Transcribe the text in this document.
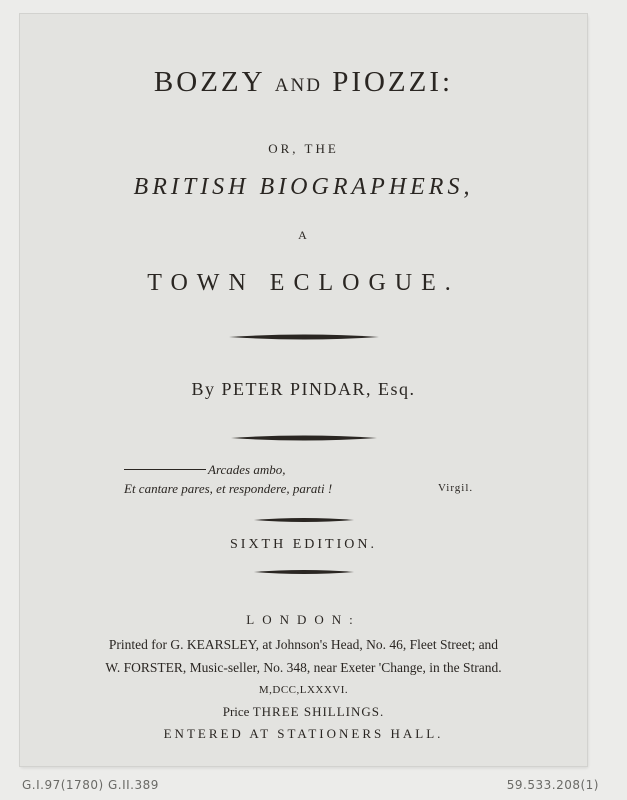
BOZZY AND PIOZZI:
OR, THE
BRITISH BIOGRAPHERS,
A
TOWN ECLOGUE.
By PETER PINDAR, Esq.
Arcades ambo,
Et cantare pares, et respondere, parati !	Virgil.
SIXTH EDITION.
LONDON:
Printed for G. KEARSLEY, at Johnson's Head, No. 46, Fleet Street; and
W. FORSTER, Music-seller, No. 348, near Exeter 'Change, in the Strand.
M,DCC,LXXXVI.
Price THREE SHILLINGS.
ENTERED AT STATIONERS HALL.
G.I.97(1780) G.II.389	59.533.208(1)
